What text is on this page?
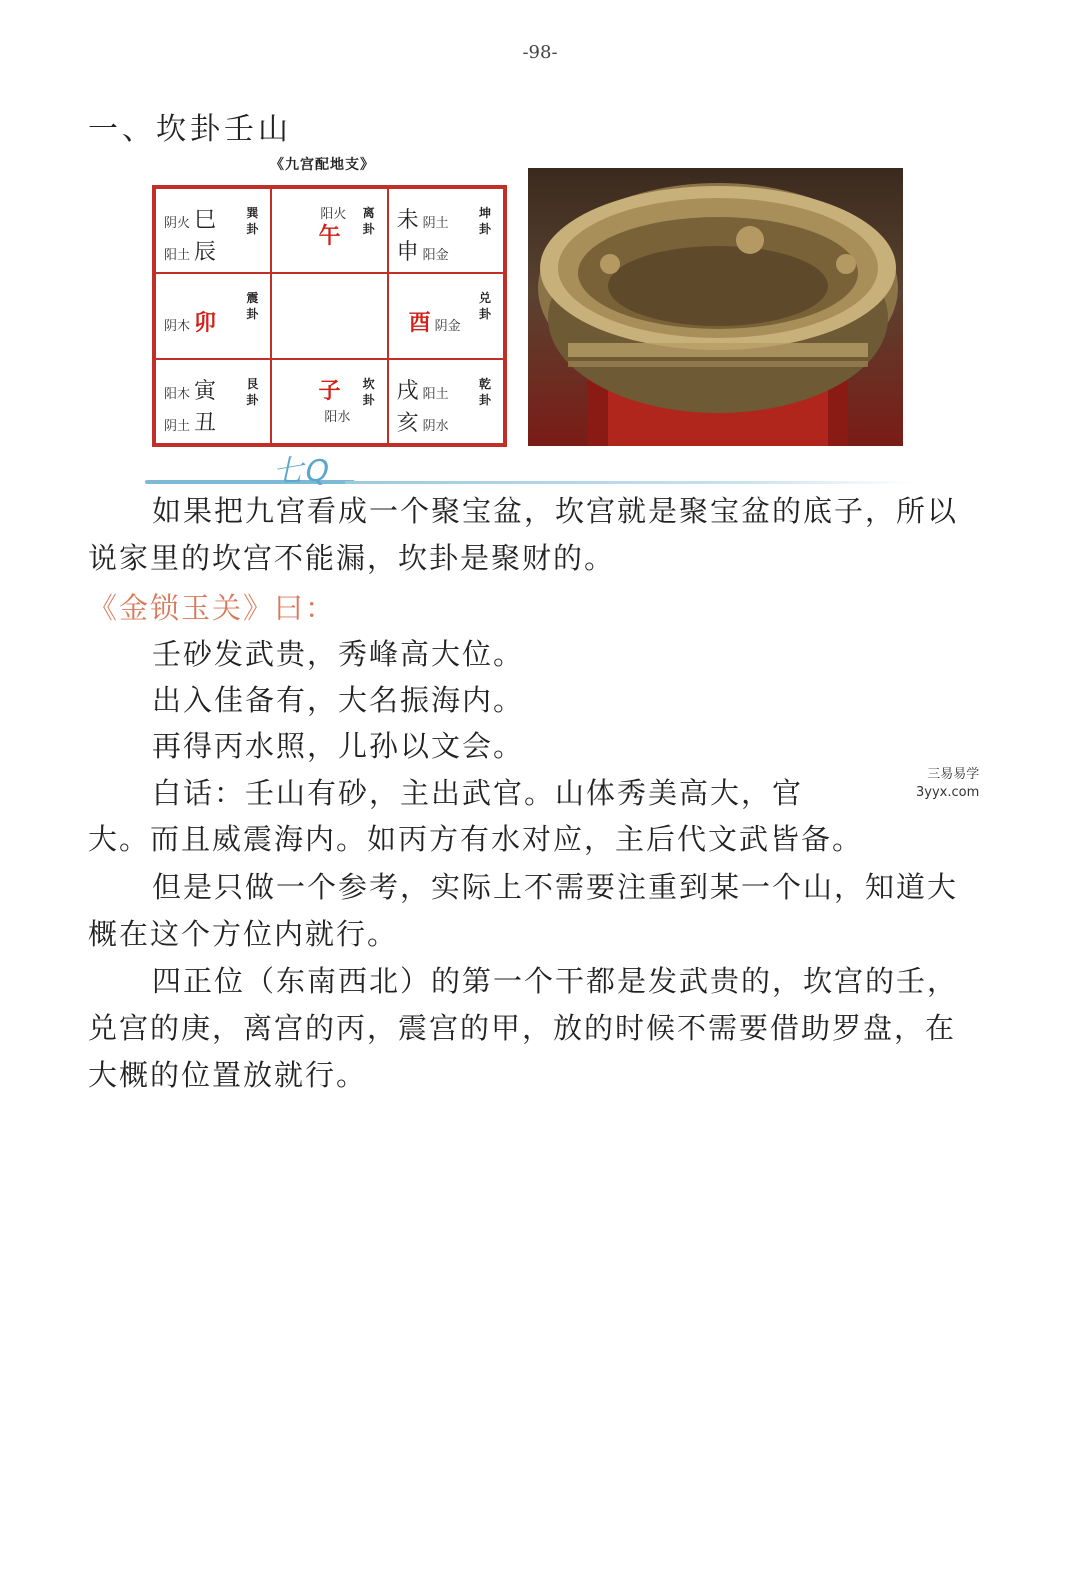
-98-
一、坎卦壬山
《九宫配地支》
阴火 巳
阳土 辰
巽卦
阳火
午
离卦 未 阴土
申 阳金
坤卦
阴木 卯
震卦	酉 阴金
兑卦
阳木 寅
阴土 丑
艮卦	子
阳水
坎卦 戌 阳土
亥 阴水
乾卦
七Q
如果把九宫看成一个聚宝盆，坎宫就是聚宝盆的底子，所以说家里的坎宫不能漏，坎卦是聚财的。
《金锁玉关》曰：
壬砂发武贵，秀峰高大位。
出入佳备有，大名振海内。
再得丙水照，儿孙以文会。
白话：壬山有砂，主出武官。山体秀美高大，官
大。而且威震海内。如丙方有水对应，主后代文武皆备。
三易易学
3yyx.com
但是只做一个参考，实际上不需要注重到某一个山，知道大概在这个方位内就行。
四正位（东南西北）的第一个干都是发武贵的，坎宫的壬，兑宫的庚，离宫的丙，震宫的甲，放的时候不需要借助罗盘，在大概的位置放就行。
